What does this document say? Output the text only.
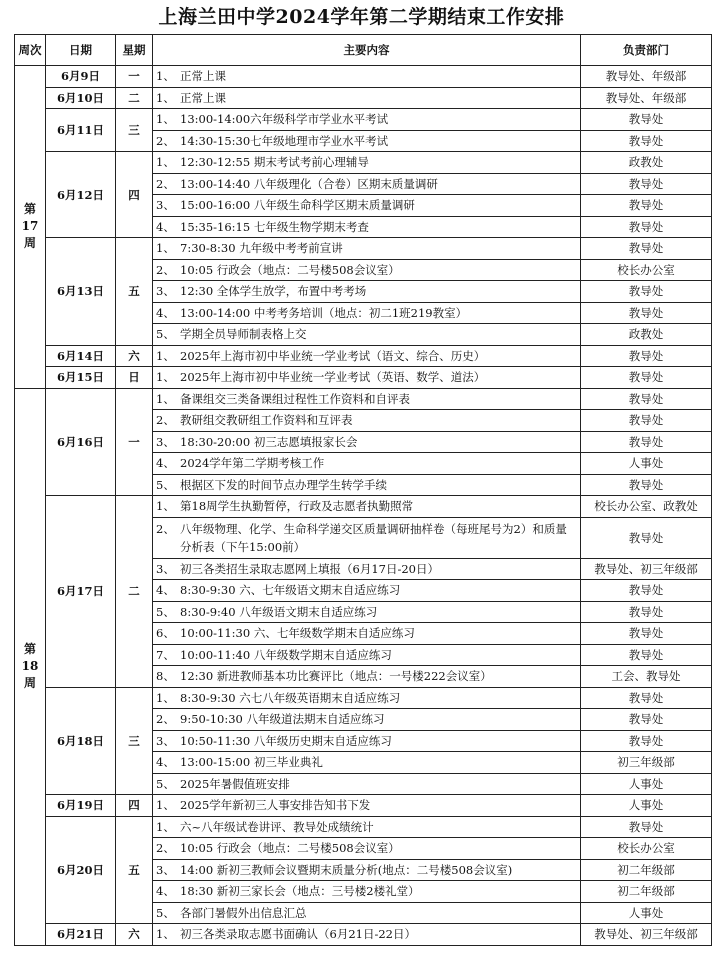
上海兰田中学2024学年第二学期结束工作安排
周次	日期	星期	主要内容	负责部门
第
17
周	6月9日	一	1、 正常上课	教导处、年级部
	6月10日	二	1、 正常上课	教导处、年级部
	6月11日	三	1、 13:00-14:00六年级科学市学业水平考试	教导处
			2、 14:30-15:30七年级地理市学业水平考试	教导处
	6月12日	四	1、 12:30-12:55 期末考试考前心理辅导	政教处
			2、 13:00-14:40 八年级理化（合卷）区期末质量调研	教导处
			3、 15:00-16:00 八年级生命科学区期末质量调研	教导处
			4、 15:35-16:15 七年级生物学期末考查	教导处
	6月13日	五	1、 7:30-8:30 九年级中考考前宣讲	教导处
			2、 10:05 行政会（地点：二号楼508会议室）	校长办公室
			3、 12:30 全体学生放学，布置中考考场	教导处
			4、 13:00-14:00 中考考务培训（地点：初二1班219教室）	教导处
			5、 学期全员导师制表格上交	政教处
	6月14日	六	1、 2025年上海市初中毕业统一学业考试（语文、综合、历史）	教导处
	6月15日	日	1、 2025年上海市初中毕业统一学业考试（英语、数学、道法）	教导处
第
18
周	6月16日	一	1、 备课组交三类备课组过程性工作资料和自评表	教导处
			2、 教研组交教研组工作资料和互评表	教导处
			3、 18:30-20:00 初三志愿填报家长会	教导处
			4、 2024学年第二学期考核工作	人事处
			5、 根据区下发的时间节点办理学生转学手续	教导处
	6月17日	二	1、 第18周学生执勤暂停，行政及志愿者执勤照常	校长办公室、政教处

			2、 八年级物理、化学、生命科学递交区质量调研抽样卷（每班尾号为2）和质量分析表（下午15:00前）	教导处
			3、 初三各类招生录取志愿网上填报（6月17日-20日）	教导处、初三年级部
			4、 8:30-9:30 六、七年级语文期末自适应练习	教导处
			5、 8:30-9:40 八年级语文期末自适应练习	教导处
			6、 10:00-11:30 六、七年级数学期末自适应练习	教导处
			7、 10:00-11:40 八年级数学期末自适应练习	教导处
			8、 12:30 新进教师基本功比赛评比（地点：一号楼222会议室）	工会、教导处
	6月18日	三	1、 8:30-9:30 六七八年级英语期末自适应练习	教导处
			2、 9:50-10:30 八年级道法期末自适应练习	教导处
			3、 10:50-11:30 八年级历史期末自适应练习	教导处
			4、 13:00-15:00 初三毕业典礼	初三年级部
			5、 2025年暑假值班安排	人事处
	6月19日	四	1、 2025学年新初三人事安排告知书下发	人事处
	6月20日	五	1、 六~八年级试卷讲评、教导处成绩统计	教导处
			2、 10:05 行政会（地点：二号楼508会议室）	校长办公室
			3、 14:00 新初三教师会议暨期末质量分析(地点：二号楼508会议室)	初二年级部
			4、 18:30 新初三家长会（地点：三号楼2楼礼堂）	初二年级部
			5、 各部门暑假外出信息汇总	人事处
	6月21日	六	1、 初三各类录取志愿书面确认（6月21日-22日）	教导处、初三年级部
